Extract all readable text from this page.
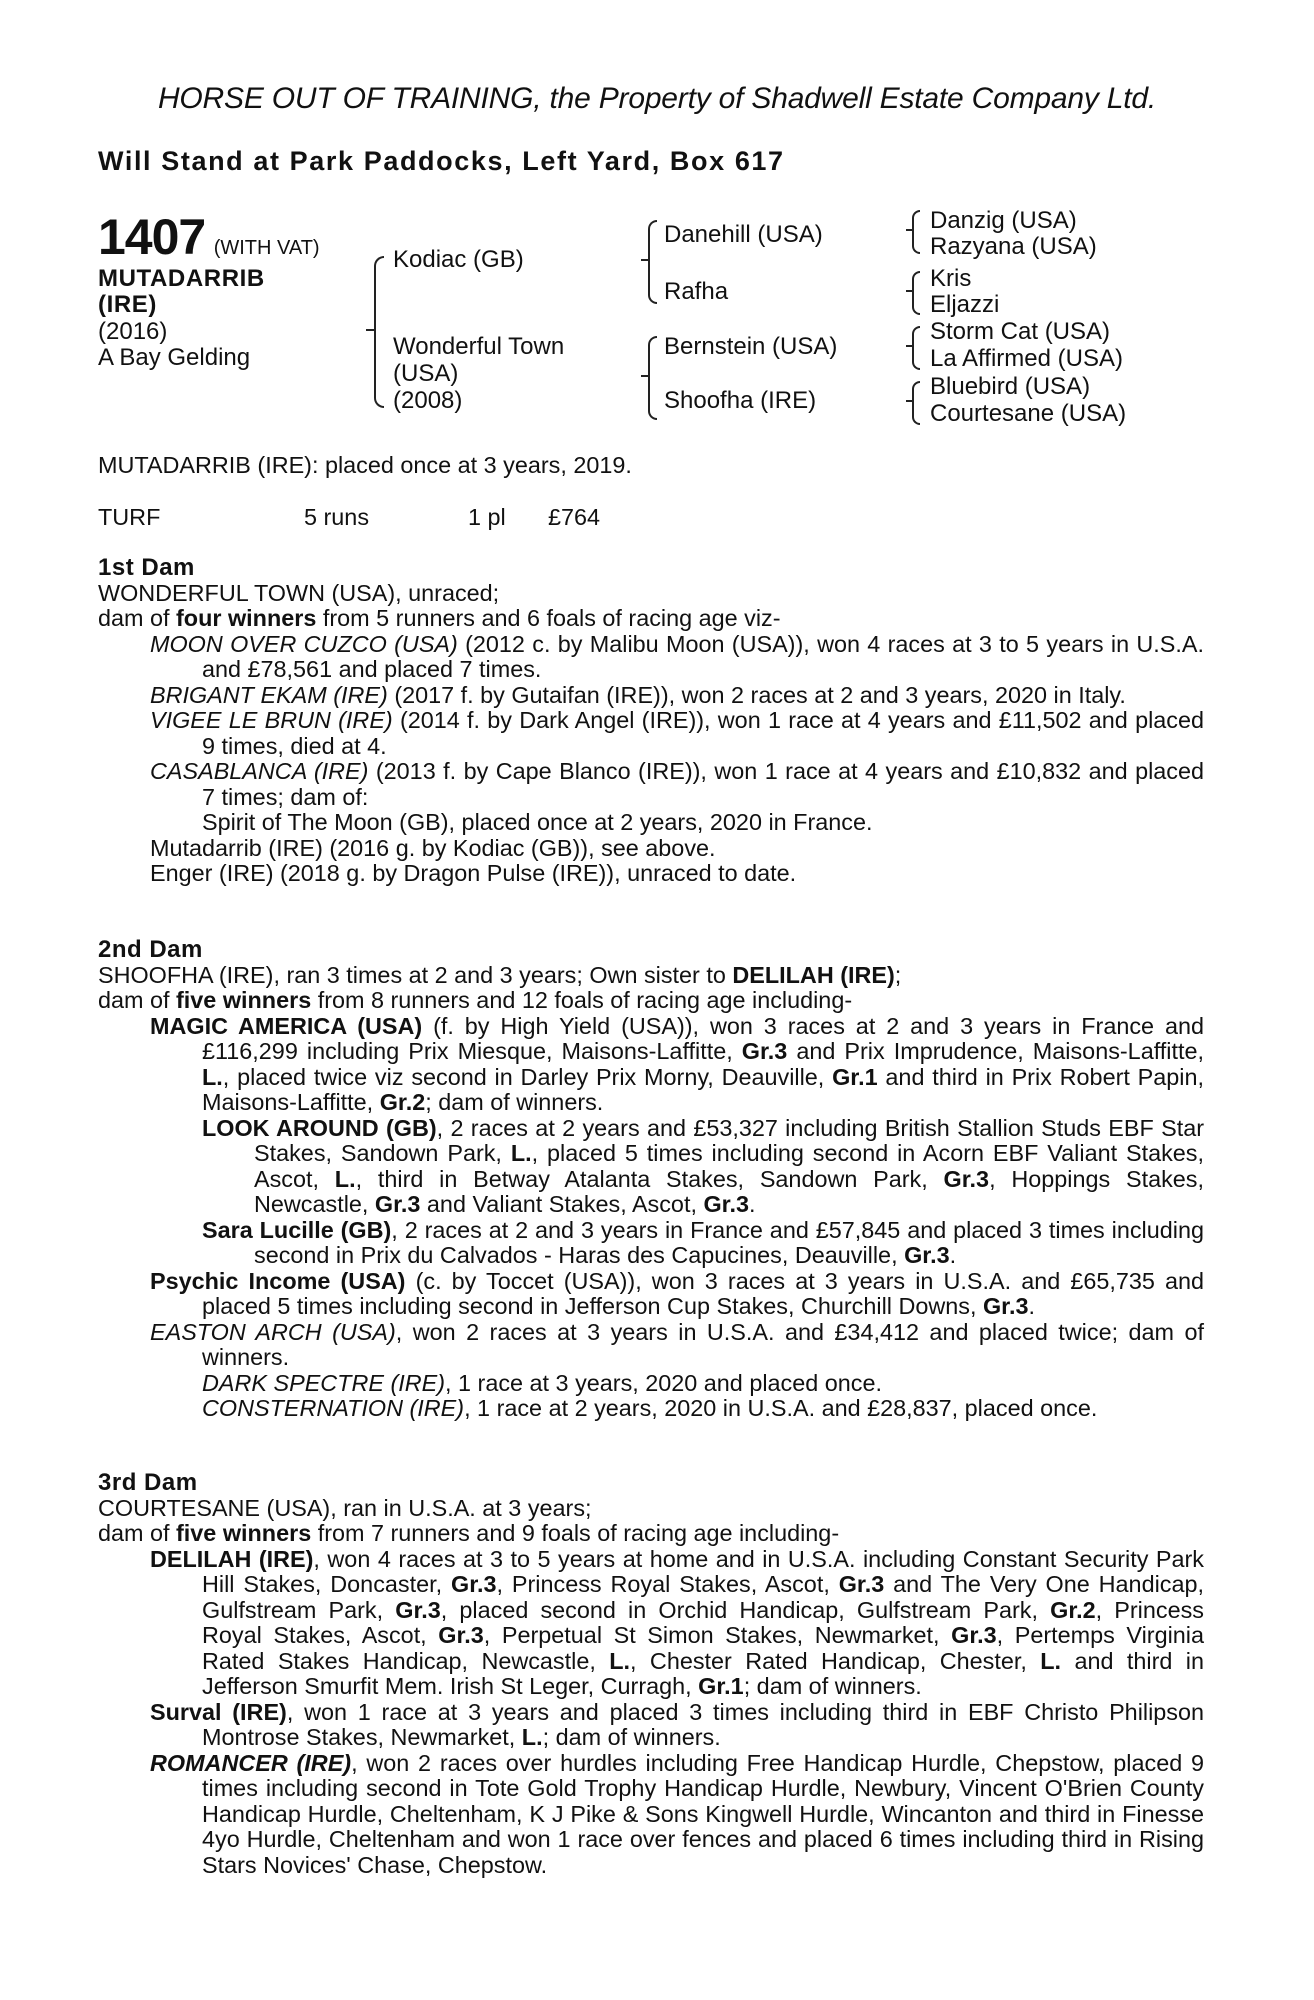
HORSE OUT OF TRAINING, the Property of Shadwell Estate Company Ltd.
Will Stand at Park Paddocks, Left Yard, Box 617
1407 (WITH VAT)
MUTADARRIB (IRE)
(2016)
A Bay Gelding
Kodiac (GB)
Wonderful Town
(USA)
(2008)
Danehill (USA)
Rafha
Bernstein (USA)
Shoofha (IRE)
Danzig (USA)
Razyana (USA)
Kris
Eljazzi
Storm Cat (USA)
La Affirmed (USA)
Bluebird (USA)
Courtesane (USA)
MUTADARRIB (IRE): placed once at 3 years, 2019.
TURF	5 runs	1 pl £764
1st Dam
WONDERFUL TOWN (USA), unraced;
dam of four winners from 5 runners and 6 foals of racing age viz-
MOON OVER CUZCO (USA) (2012 c. by Malibu Moon (USA)), won 4 races at 3 to 5 years in U.S.A. and £78,561 and placed 7 times.
BRIGANT EKAM (IRE) (2017 f. by Gutaifan (IRE)), won 2 races at 2 and 3 years, 2020 in Italy.
VIGEE LE BRUN (IRE) (2014 f. by Dark Angel (IRE)), won 1 race at 4 years and £11,502 and placed 9 times, died at 4.
CASABLANCA (IRE) (2013 f. by Cape Blanco (IRE)), won 1 race at 4 years and £10,832 and placed 7 times; dam of:
Spirit of The Moon (GB), placed once at 2 years, 2020 in France.
Mutadarrib (IRE) (2016 g. by Kodiac (GB)), see above.
Enger (IRE) (2018 g. by Dragon Pulse (IRE)), unraced to date.
2nd Dam
SHOOFHA (IRE), ran 3 times at 2 and 3 years; Own sister to DELILAH (IRE);
dam of five winners from 8 runners and 12 foals of racing age including-
MAGIC AMERICA (USA) (f. by High Yield (USA)), won 3 races at 2 and 3 years in France and £116,299 including Prix Miesque, Maisons-Laffitte, Gr.3 and Prix Imprudence, Maisons-Laffitte, L., placed twice viz second in Darley Prix Morny, Deauville, Gr.1 and third in Prix Robert Papin, Maisons-Laffitte, Gr.2; dam of winners.
LOOK AROUND (GB), 2 races at 2 years and £53,327 including British Stallion Studs EBF Star Stakes, Sandown Park, L., placed 5 times including second in Acorn EBF Valiant Stakes, Ascot, L., third in Betway Atalanta Stakes, Sandown Park, Gr.3, Hoppings Stakes, Newcastle, Gr.3 and Valiant Stakes, Ascot, Gr.3.
Sara Lucille (GB), 2 races at 2 and 3 years in France and £57,845 and placed 3 times including second in Prix du Calvados - Haras des Capucines, Deauville, Gr.3.
Psychic Income (USA) (c. by Toccet (USA)), won 3 races at 3 years in U.S.A. and £65,735 and placed 5 times including second in Jefferson Cup Stakes, Churchill Downs, Gr.3.
EASTON ARCH (USA), won 2 races at 3 years in U.S.A. and £34,412 and placed twice; dam of winners.
DARK SPECTRE (IRE), 1 race at 3 years, 2020 and placed once.
CONSTERNATION (IRE), 1 race at 2 years, 2020 in U.S.A. and £28,837, placed once.
3rd Dam
COURTESANE (USA), ran in U.S.A. at 3 years;
dam of five winners from 7 runners and 9 foals of racing age including-
DELILAH (IRE), won 4 races at 3 to 5 years at home and in U.S.A. including Constant Security Park Hill Stakes, Doncaster, Gr.3, Princess Royal Stakes, Ascot, Gr.3 and The Very One Handicap, Gulfstream Park, Gr.3, placed second in Orchid Handicap, Gulfstream Park, Gr.2, Princess Royal Stakes, Ascot, Gr.3, Perpetual St Simon Stakes, Newmarket, Gr.3, Pertemps Virginia Rated Stakes Handicap, Newcastle, L., Chester Rated Handicap, Chester, L. and third in Jefferson Smurfit Mem. Irish St Leger, Curragh, Gr.1; dam of winners.
Surval (IRE), won 1 race at 3 years and placed 3 times including third in EBF Christo Philipson Montrose Stakes, Newmarket, L.; dam of winners.
ROMANCER (IRE), won 2 races over hurdles including Free Handicap Hurdle, Chepstow, placed 9 times including second in Tote Gold Trophy Handicap Hurdle, Newbury, Vincent O'Brien County Handicap Hurdle, Cheltenham, K J Pike & Sons Kingwell Hurdle, Wincanton and third in Finesse 4yo Hurdle, Cheltenham and won 1 race over fences and placed 6 times including third in Rising Stars Novices' Chase, Chepstow.
